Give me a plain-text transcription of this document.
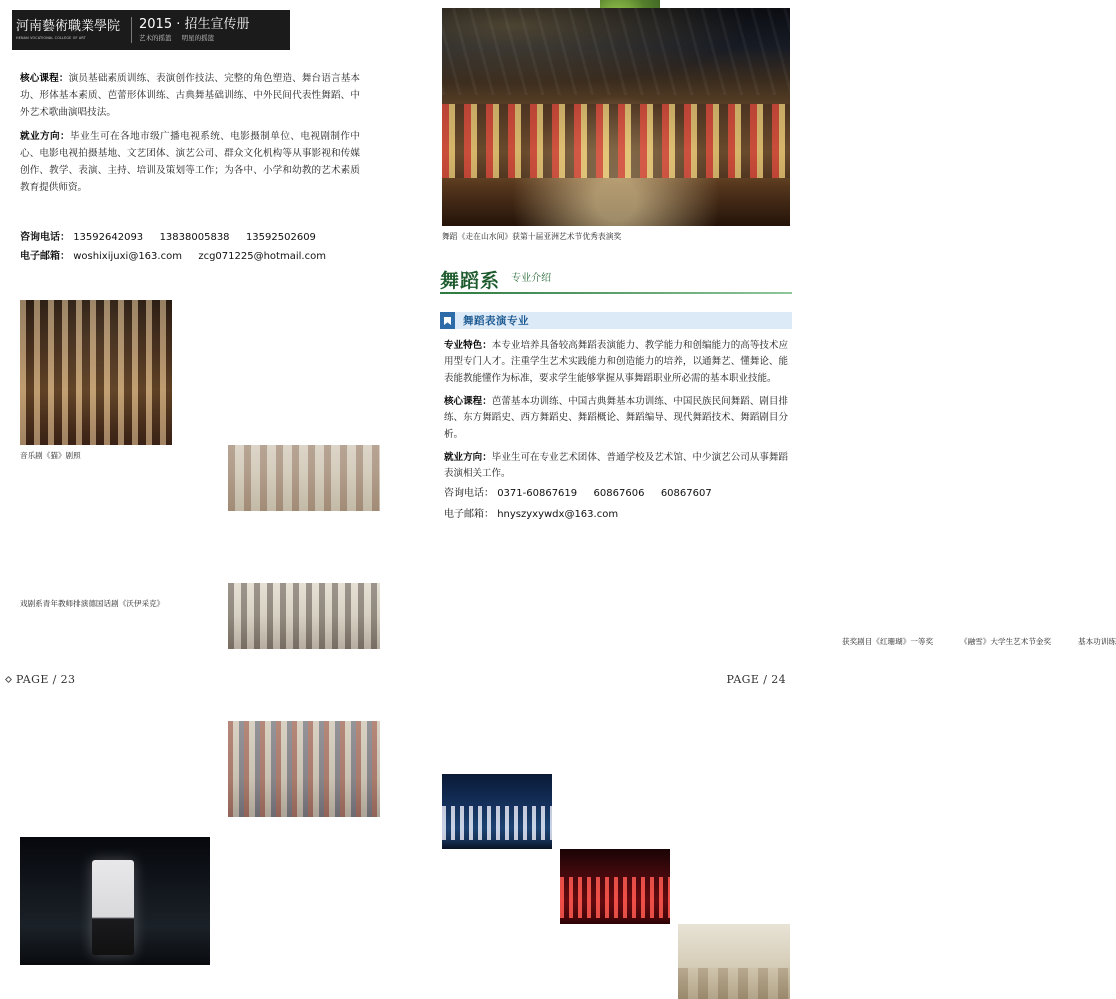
河南藝術職業學院
HENAN VOCATIONAL COLLEGE OF ART
2015 · 招生宣传册
艺术的摇篮 明星的摇篮
核心课程：演员基础素质训练、表演创作技法、完整的角色塑造、舞台语言基本功、形体基本素质、芭蕾形体训练、古典舞基础训练、中外民间代表性舞蹈、中外艺术歌曲演唱技法。
就业方向：毕业生可在各地市级广播电视系统、电影摄制单位、电视剧制作中心、电影电视拍摄基地、文艺团体、演艺公司、群众文化机构等从事影视和传媒创作、教学、表演、主持、培训及策划等工作；为各中、小学和幼教的艺术素质教育提供师资。
咨询电话： 13592642093 13838005838 13592502609
电子邮箱： woshixijuxi@163.com zcg071225@hotmail.com
音乐剧《猫》剧照
戏剧系青年教师排演德国话剧《沃伊采克》
PAGE / 23
舞蹈《走在山水间》获第十届亚洲艺术节优秀表演奖
舞蹈系 专业介绍
舞蹈表演专业
专业特色：本专业培养具备较高舞蹈表演能力、教学能力和创编能力的高等技术应用型专门人才。注重学生艺术实践能力和创造能力的培养，以通舞艺、懂舞论、能表能教能懂作为标准，要求学生能够掌握从事舞蹈职业所必需的基本职业技能。
核心课程：芭蕾基本功训练、中国古典舞基本功训练、中国民族民间舞蹈、剧目排练、东方舞蹈史、西方舞蹈史、舞蹈概论、舞蹈编导、现代舞蹈技术、舞蹈剧目分析。
就业方向：毕业生可在专业艺术团体、普通学校及艺术馆、中少演艺公司从事舞蹈表演相关工作。
咨询电话： 0371-60867619 60867606 60867607
电子邮箱： hnyszyxywdx@163.com
获奖剧目《红珊瑚》一等奖	《融雪》大学生艺术节金奖	基本功训练
PAGE / 24
